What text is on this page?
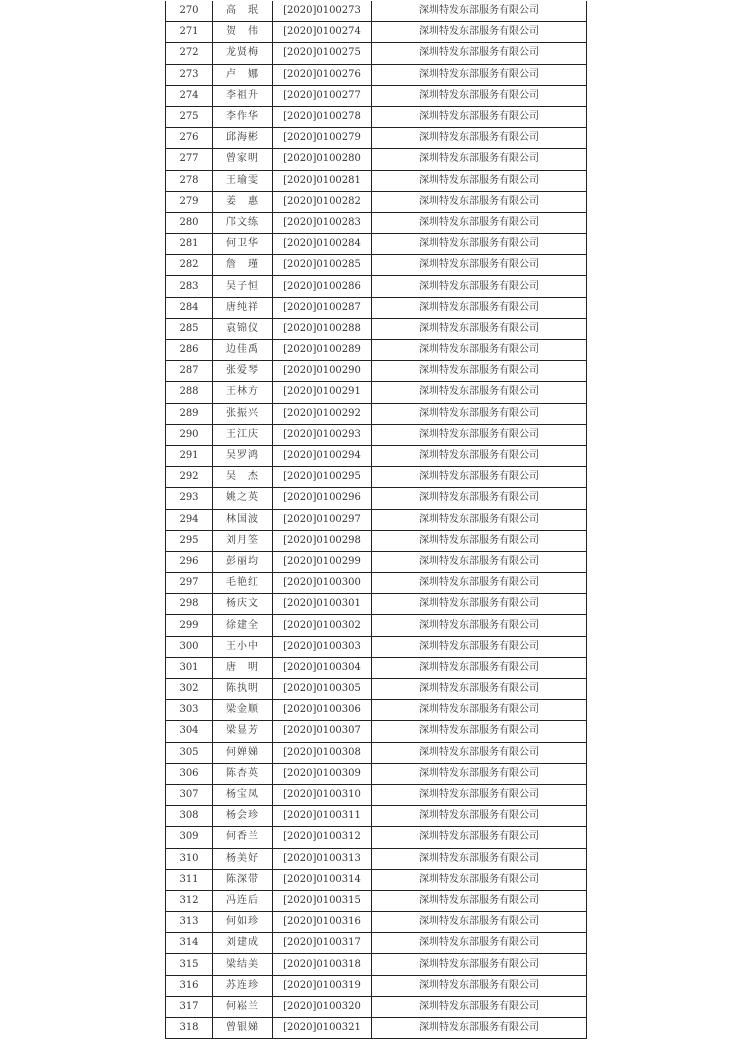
270	高　珉	[2020]0100273	深圳特发东部服务有限公司
271	贺　伟	[2020]0100274	深圳特发东部服务有限公司
272	龙贤梅	[2020]0100275	深圳特发东部服务有限公司
273	卢　娜	[2020]0100276	深圳特发东部服务有限公司
274	李祖升	[2020]0100277	深圳特发东部服务有限公司
275	李作华	[2020]0100278	深圳特发东部服务有限公司
276	邱海彬	[2020]0100279	深圳特发东部服务有限公司
277	曾家明	[2020]0100280	深圳特发东部服务有限公司
278	王瑜雯	[2020]0100281	深圳特发东部服务有限公司
279	姜　惠	[2020]0100282	深圳特发东部服务有限公司
280	邝文练	[2020]0100283	深圳特发东部服务有限公司
281	何卫华	[2020]0100284	深圳特发东部服务有限公司
282	詹　瑾	[2020]0100285	深圳特发东部服务有限公司
283	吴子恒	[2020]0100286	深圳特发东部服务有限公司
284	唐纯祥	[2020]0100287	深圳特发东部服务有限公司
285	袁锦仪	[2020]0100288	深圳特发东部服务有限公司
286	边佳禹	[2020]0100289	深圳特发东部服务有限公司
287	张爱琴	[2020]0100290	深圳特发东部服务有限公司
288	王林方	[2020]0100291	深圳特发东部服务有限公司
289	张振兴	[2020]0100292	深圳特发东部服务有限公司
290	王江庆	[2020]0100293	深圳特发东部服务有限公司
291	吴罗鸿	[2020]0100294	深圳特发东部服务有限公司
292	吴　杰	[2020]0100295	深圳特发东部服务有限公司
293	姚之英	[2020]0100296	深圳特发东部服务有限公司
294	林国波	[2020]0100297	深圳特发东部服务有限公司
295	刘月筌	[2020]0100298	深圳特发东部服务有限公司
296	彭丽均	[2020]0100299	深圳特发东部服务有限公司
297	毛艳红	[2020]0100300	深圳特发东部服务有限公司
298	杨庆文	[2020]0100301	深圳特发东部服务有限公司
299	徐建全	[2020]0100302	深圳特发东部服务有限公司
300	王小中	[2020]0100303	深圳特发东部服务有限公司
301	唐　明	[2020]0100304	深圳特发东部服务有限公司
302	陈执明	[2020]0100305	深圳特发东部服务有限公司
303	梁金顺	[2020]0100306	深圳特发东部服务有限公司
304	梁显芳	[2020]0100307	深圳特发东部服务有限公司
305	何婵娣	[2020]0100308	深圳特发东部服务有限公司
306	陈杏英	[2020]0100309	深圳特发东部服务有限公司
307	杨宝凤	[2020]0100310	深圳特发东部服务有限公司
308	杨会珍	[2020]0100311	深圳特发东部服务有限公司
309	何香兰	[2020]0100312	深圳特发东部服务有限公司
310	杨美好	[2020]0100313	深圳特发东部服务有限公司
311	陈深带	[2020]0100314	深圳特发东部服务有限公司
312	冯连后	[2020]0100315	深圳特发东部服务有限公司
313	何如珍	[2020]0100316	深圳特发东部服务有限公司
314	刘建成	[2020]0100317	深圳特发东部服务有限公司
315	梁结美	[2020]0100318	深圳特发东部服务有限公司
316	苏连珍	[2020]0100319	深圳特发东部服务有限公司
317	何崧兰	[2020]0100320	深圳特发东部服务有限公司
318	曾银娣	[2020]0100321	深圳特发东部服务有限公司
